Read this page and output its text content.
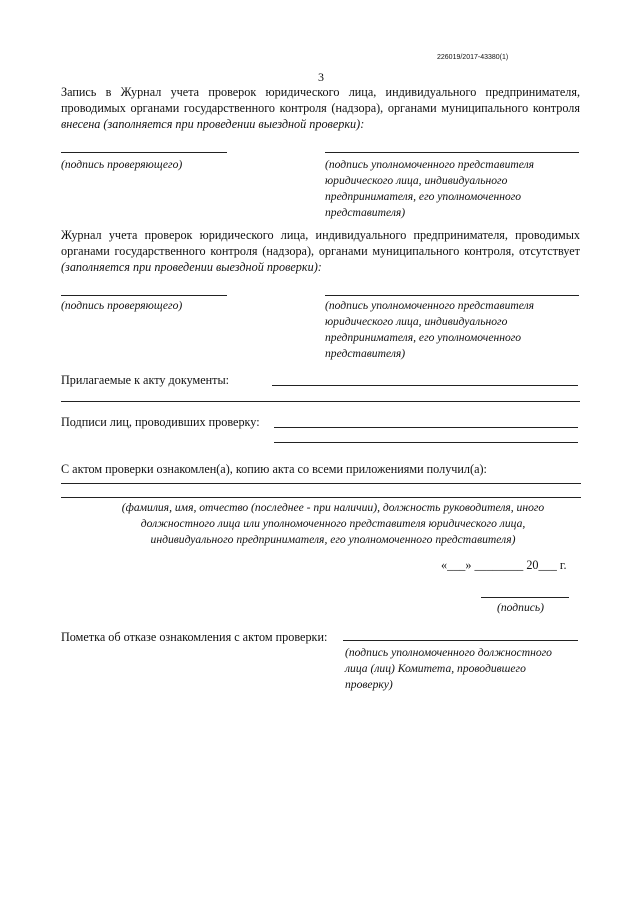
226019/2017-43380(1)
3
Запись в Журнал учета проверок юридического лица, индивидуального предпринимателя, проводимых органами государственного контроля (надзора), органами муниципального контроля внесена (заполняется при проведении выездной проверки):
(подпись проверяющего)	(подпись уполномоченного представителя юридического лица, индивидуального предпринимателя, его уполномоченного представителя)
Журнал учета проверок юридического лица, индивидуального предпринимателя, проводимых органами государственного контроля (надзора), органами муниципального контроля, отсутствует (заполняется при проведении выездной проверки):
(подпись проверяющего)	(подпись уполномоченного представителя юридического лица, индивидуального предпринимателя, его уполномоченного представителя)
Прилагаемые к акту документы:
Подписи лиц, проводивших проверку:
С актом проверки ознакомлен(а), копию акта со всеми приложениями получил(а):
(фамилия, имя, отчество (последнее - при наличии), должность руководителя, иного должностного лица или уполномоченного представителя юридического лица, индивидуального предпринимателя, его уполномоченного представителя)
«___» ________ 20___ г.
(подпись)
Пометка об отказе ознакомления с актом проверки:
(подпись уполномоченного должностного лица (лиц) Комитета, проводившего проверку)
